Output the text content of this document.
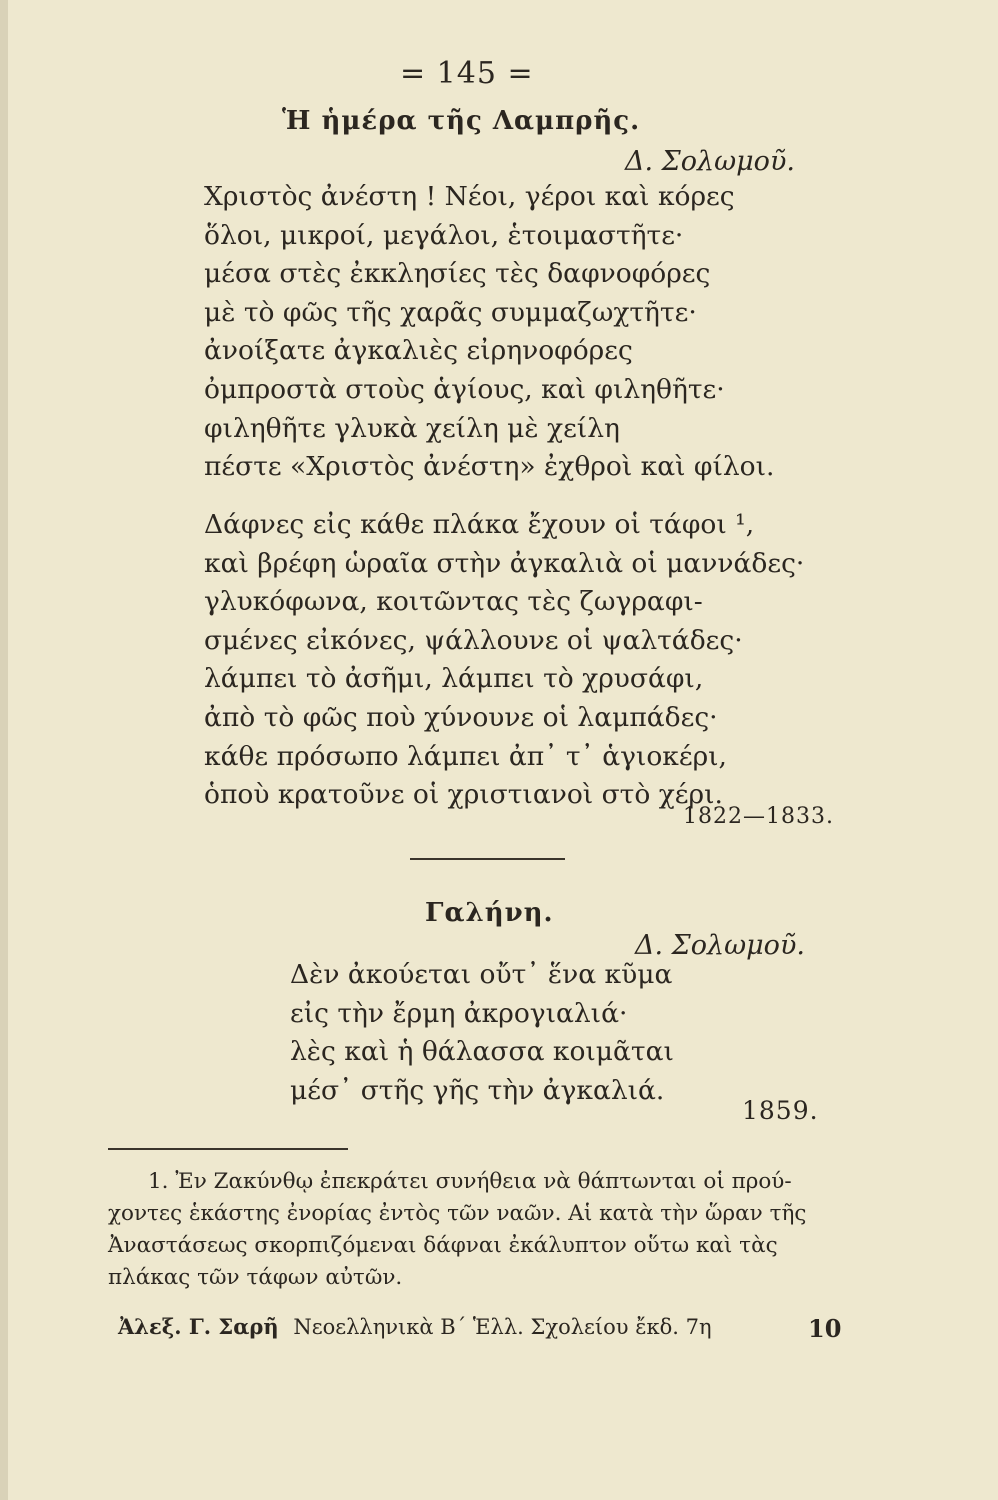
= 145 =
Ἡ ἡμέρα τῆς Λαμπρῆς.
Δ. Σολωμοῦ.
Χριστὸς ἀνέστη ! Νέοι, γέροι καὶ κόρες
ὅλοι, μικροί, μεγάλοι, ἑτοιμαστῆτε·
μέσα στὲς ἐκκλησίες τὲς δαφνοφόρες
μὲ τὸ φῶς τῆς χαρᾶς συμμαζωχτῆτε·
ἀνοίξατε ἀγκαλιὲς εἰρηνοφόρες
ὀμπροστὰ στοὺς ἁγίους, καὶ φιληθῆτε·
φιληθῆτε γλυκὰ χείλη μὲ χείλη
πέστε «Χριστὸς ἀνέστη» ἐχθροὶ καὶ φίλοι.
Δάφνες εἰς κάθε πλάκα ἔχουν οἱ τάφοι ¹,
καὶ βρέφη ὡραῖα στὴν ἀγκαλιὰ οἱ μαννάδες·
γλυκόφωνα, κοιτῶντας τὲς ζωγραφι-
σμένες εἰκόνες, ψάλλουνε οἱ ψαλτάδες·
λάμπει τὸ ἀσῆμι, λάμπει τὸ χρυσάφι,
ἀπὸ τὸ φῶς ποὺ χύνουνε οἱ λαμπάδες·
κάθε πρόσωπο λάμπει ἀπ᾽ τ᾽ ἁγιοκέρι,
ὁποὺ κρατοῦνε οἱ χριστιανοὶ στὸ χέρι.
1822—1833.
Γαλήνη.
Δ. Σολωμοῦ.
Δὲν ἀκούεται οὔτ᾽ ἕνα κῦμα
εἰς τὴν ἔρμη ἀκρογιαλιά·
λὲς καὶ ἡ θάλασσα κοιμᾶται
μέσ᾽ στῆς γῆς τὴν ἀγκαλιά.
1859.
1. Ἐν Ζακύνθῳ ἐπεκράτει συνήθεια νὰ θάπτωνται οἱ πρού-
χοντες ἑκάστης ἐνορίας ἐντὸς τῶν ναῶν. Αἱ κατὰ τὴν ὥραν τῆς
Ἀναστάσεως σκορπιζόμεναι δάφναι ἐκάλυπτον οὕτω καὶ τὰς
πλάκας τῶν τάφων αὐτῶν.
Ἀλεξ. Γ. Σαρῆ Νεοελληνικὰ Β΄ Ἑλλ. Σχολείου ἔκδ. 7η	10
